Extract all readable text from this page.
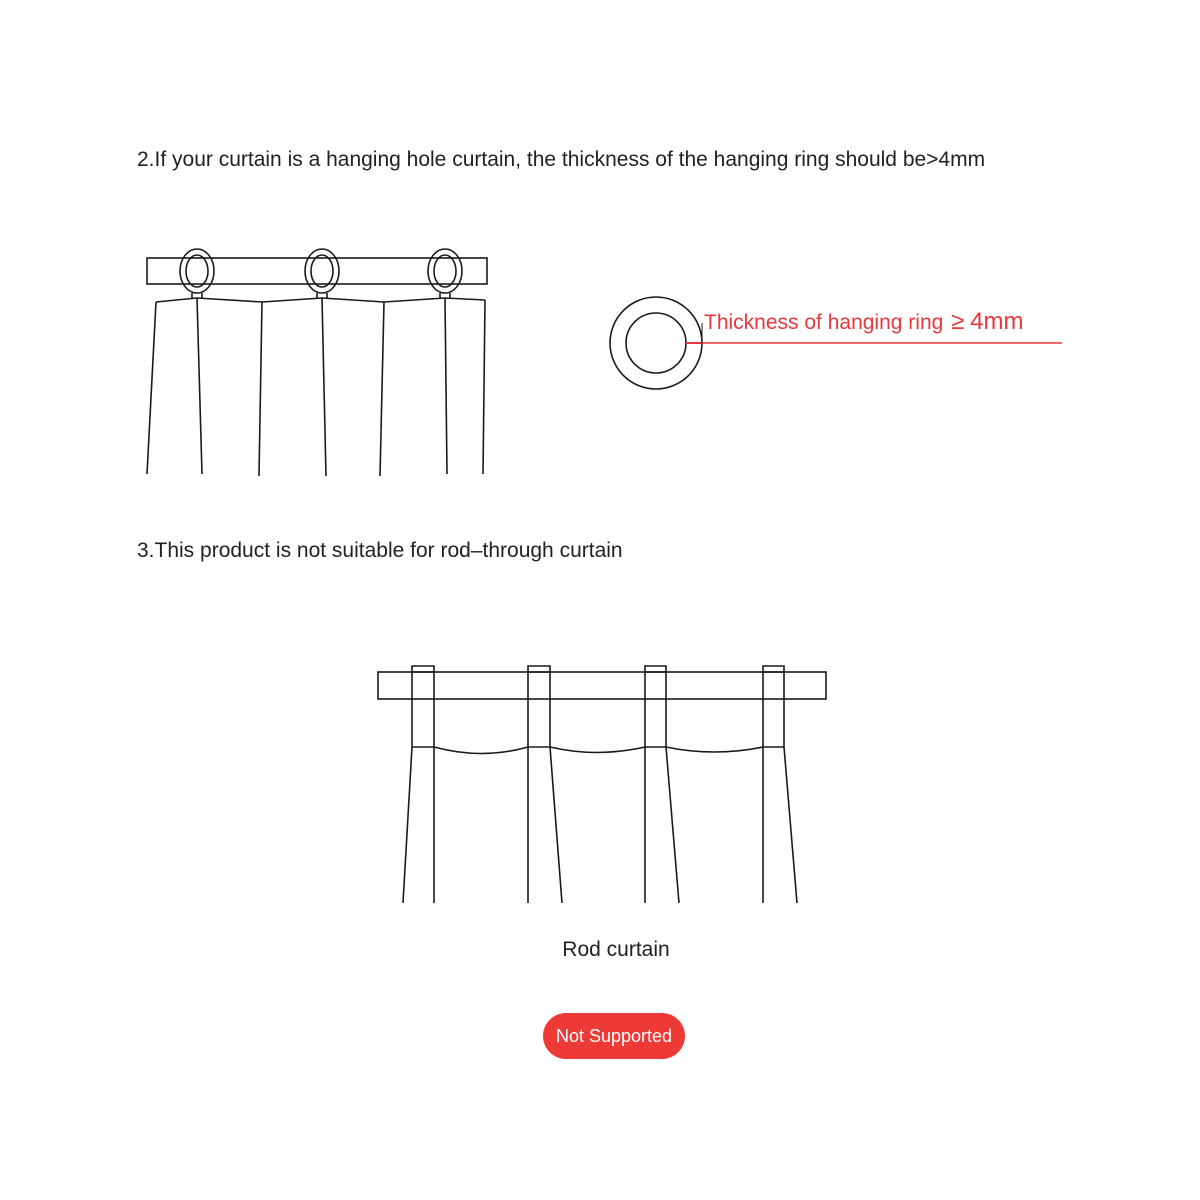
2.If your curtain is a hanging hole curtain, the thickness of the hanging ring should be>4mm

Thickness of hanging ring ≥ 4mm

3.This product is not suitable for rod–through curtain

Rod curtain
Not Supported
